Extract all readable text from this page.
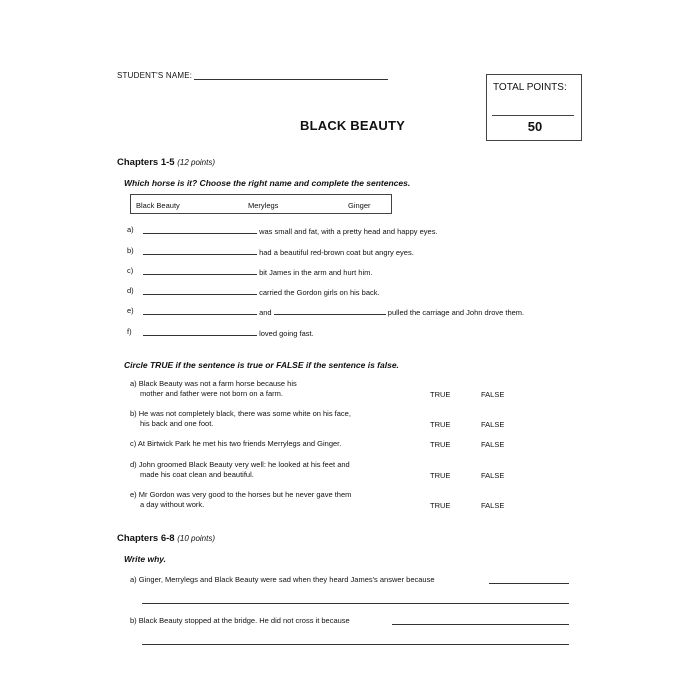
STUDENT'S NAME:
TOTAL POINTS:
50
BLACK BEAUTY
Chapters 1-5 (12 points)
Which horse is it? Choose the right name and complete the sentences.
Black Beauty	Merylegs	Ginger
a)	was small and fat, with a pretty head and happy eyes.
b)	had a beautiful red-brown coat but angry eyes.
c)	bit James in the arm and hurt him.
d)	carried the Gordon girls on his back.
e)	and	pulled the carriage and John drove them.
f)	loved going fast.
Circle TRUE if the sentence is true or FALSE if the sentence is false.
a) Black Beauty was not a farm horse because his
mother and father were not born on a farm.	TRUE	FALSE
b) He was not completely black, there was some white on his face,
his back and one foot.	TRUE	FALSE
c) At Birtwick Park he met his two friends Merrylegs and Ginger.	TRUE	FALSE
d) John groomed Black Beauty very well: he looked at his feet and
made his coat clean and beautiful.	TRUE	FALSE
e) Mr Gordon was very good to the horses but he never gave them
a day without work.	TRUE	FALSE
Chapters 6-8 (10 points)
Write why.
a) Ginger, Merrylegs and Black Beauty were sad when they heard James's answer because
b) Black Beauty stopped at the bridge. He did not cross it because
